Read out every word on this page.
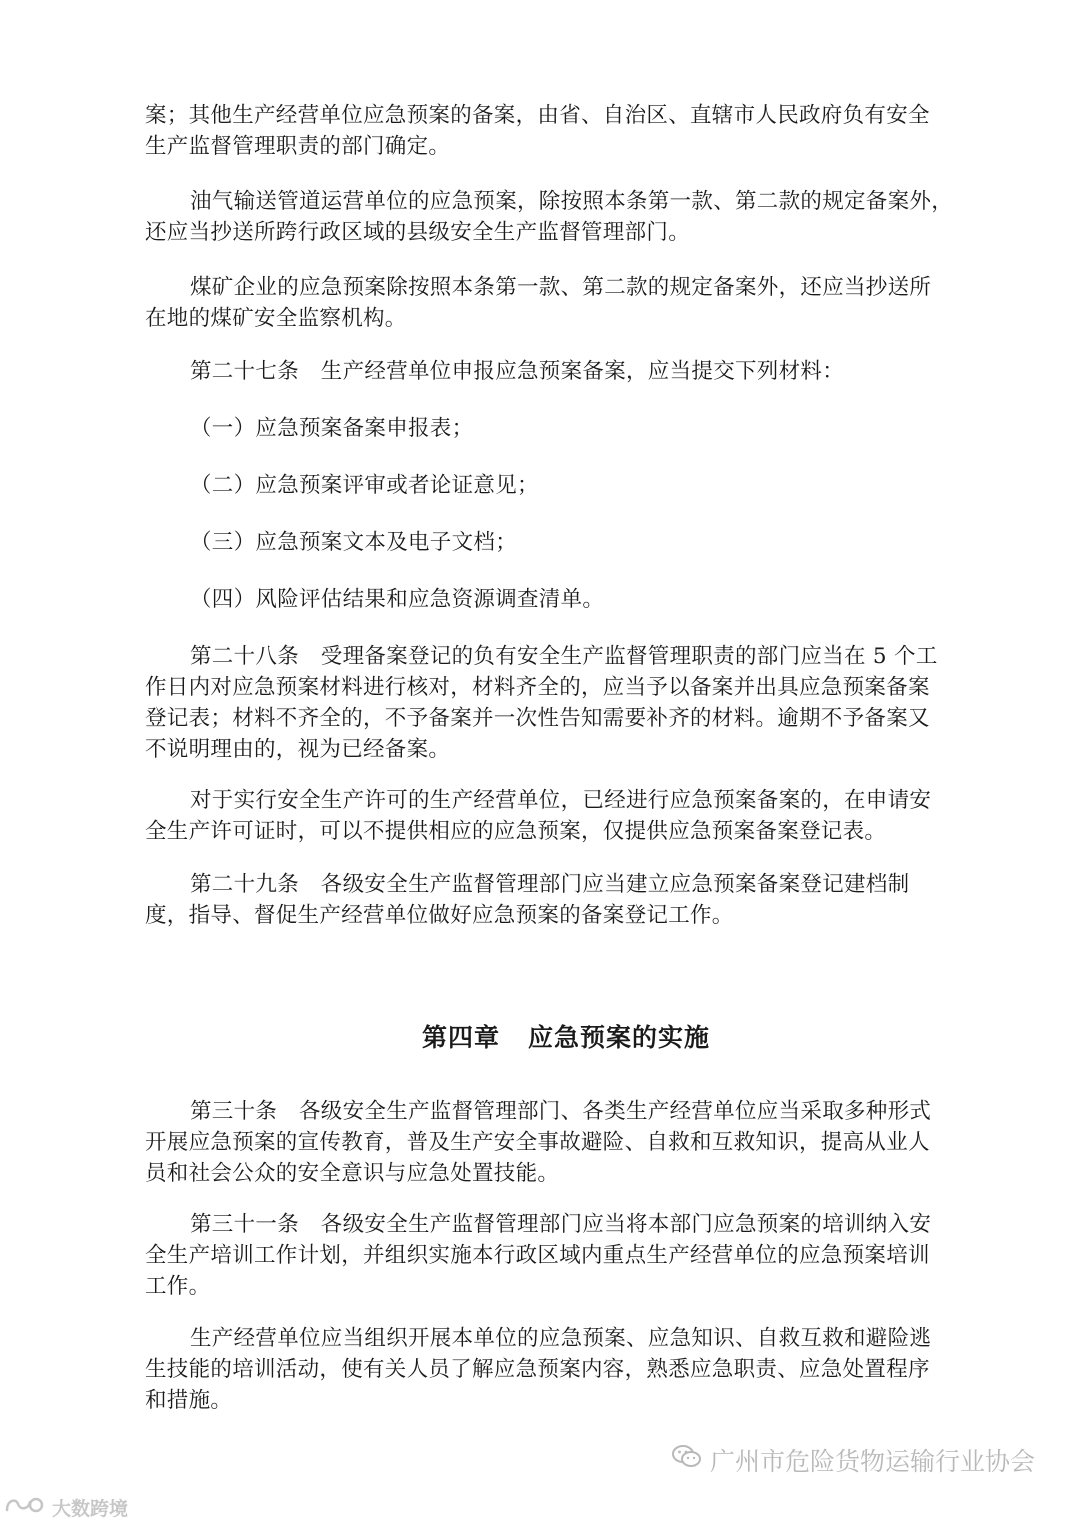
案；其他生产经营单位应急预案的备案，由省、自治区、直辖市人民政府负有安全
生产监督管理职责的部门确定。
油气输送管道运营单位的应急预案，除按照本条第一款、第二款的规定备案外，
还应当抄送所跨行政区域的县级安全生产监督管理部门。
煤矿企业的应急预案除按照本条第一款、第二款的规定备案外，还应当抄送所
在地的煤矿安全监察机构。
第二十七条　生产经营单位申报应急预案备案，应当提交下列材料：
（一）应急预案备案申报表；
（二）应急预案评审或者论证意见；
（三）应急预案文本及电子文档；
（四）风险评估结果和应急资源调查清单。
第二十八条　受理备案登记的负有安全生产监督管理职责的部门应当在 5 个工
作日内对应急预案材料进行核对，材料齐全的，应当予以备案并出具应急预案备案
登记表；材料不齐全的，不予备案并一次性告知需要补齐的材料。逾期不予备案又
不说明理由的，视为已经备案。
对于实行安全生产许可的生产经营单位，已经进行应急预案备案的，在申请安
全生产许可证时，可以不提供相应的应急预案，仅提供应急预案备案登记表。
第二十九条　各级安全生产监督管理部门应当建立应急预案备案登记建档制
度，指导、督促生产经营单位做好应急预案的备案登记工作。
第四章 应急预案的实施
第三十条　各级安全生产监督管理部门、各类生产经营单位应当采取多种形式
开展应急预案的宣传教育，普及生产安全事故避险、自救和互救知识，提高从业人
员和社会公众的安全意识与应急处置技能。
第三十一条　各级安全生产监督管理部门应当将本部门应急预案的培训纳入安
全生产培训工作计划，并组织实施本行政区域内重点生产经营单位的应急预案培训
工作。
生产经营单位应当组织开展本单位的应急预案、应急知识、自救互救和避险逃
生技能的培训活动，使有关人员了解应急预案内容，熟悉应急职责、应急处置程序
和措施。
广州市危险货物运输行业协会
大数跨境
